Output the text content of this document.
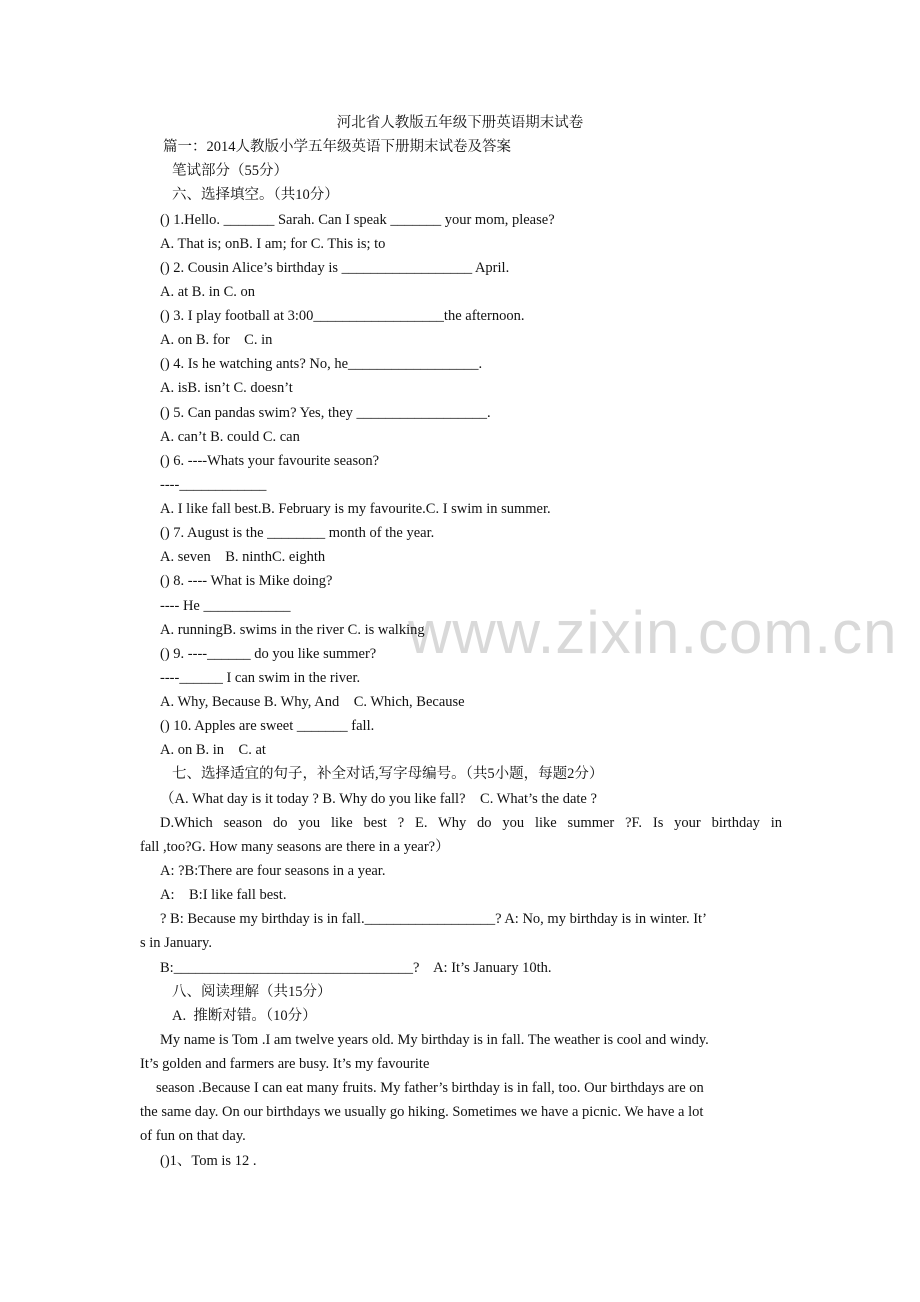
www.zixin.com.cn
河北省人教版五年级下册英语期末试卷
篇一：2014人教版小学五年级英语下册期末试卷及答案
笔试部分（55分）
六、选择填空。（共10分）
() 1.Hello. _______ Sarah. Can I speak _______ your mom, please?
A. That is; onB. I am; for C. This is; to
() 2. Cousin Alice’s birthday is __________________ April.
A. at B. in C. on
() 3. I play football at 3:00__________________the afternoon.
A. on B. for    C. in
() 4. Is he watching ants? No, he__________________.
A. isB. isn’t C. doesn’t
() 5. Can pandas swim? Yes, they __________________.
A. can’t B. could C. can
() 6. ----Whats your favourite season?
----____________
A. I like fall best.B. February is my favourite.C. I swim in summer.
() 7. August is the ________ month of the year.
A. seven    B. ninthC. eighth
() 8. ---- What is Mike doing?
---- He ____________
A. runningB. swims in the river C. is walking
() 9. ----______ do you like summer?
----______ I can swim in the river.
A. Why, Because B. Why, And    C. Which, Because
() 10. Apples are sweet _______ fall.
A. on B. in    C. at
七、选择适宜的句子，补全对话,写字母编号。（共5小题，每题2分）
（A. What day is it today ? B. Why do you like fall?    C. What’s the date ?
D.Which season do you like best ? E. Why do you like summer ?F. Is your birthday in
fall ,too?G. How many seasons are there in a year?）
A: ?B:There are four seasons in a year.
A:    B:I like fall best.
? B: Because my birthday is in fall.__________________? A: No, my birthday is in winter. It’
s in January.
B:_________________________________?    A: It’s January 10th.
八、阅读理解（共15分）
A.  推断对错。（10分）
My name is Tom .I am twelve years old. My birthday is in fall. The weather is cool and windy.
It’s golden and farmers are busy. It’s my favourite
season .Because I can eat many fruits. My father’s birthday is in fall, too. Our birthdays are on
the same day. On our birthdays we usually go hiking. Sometimes we have a picnic. We have a lot
of fun on that day.
()1、Tom is 12 .
